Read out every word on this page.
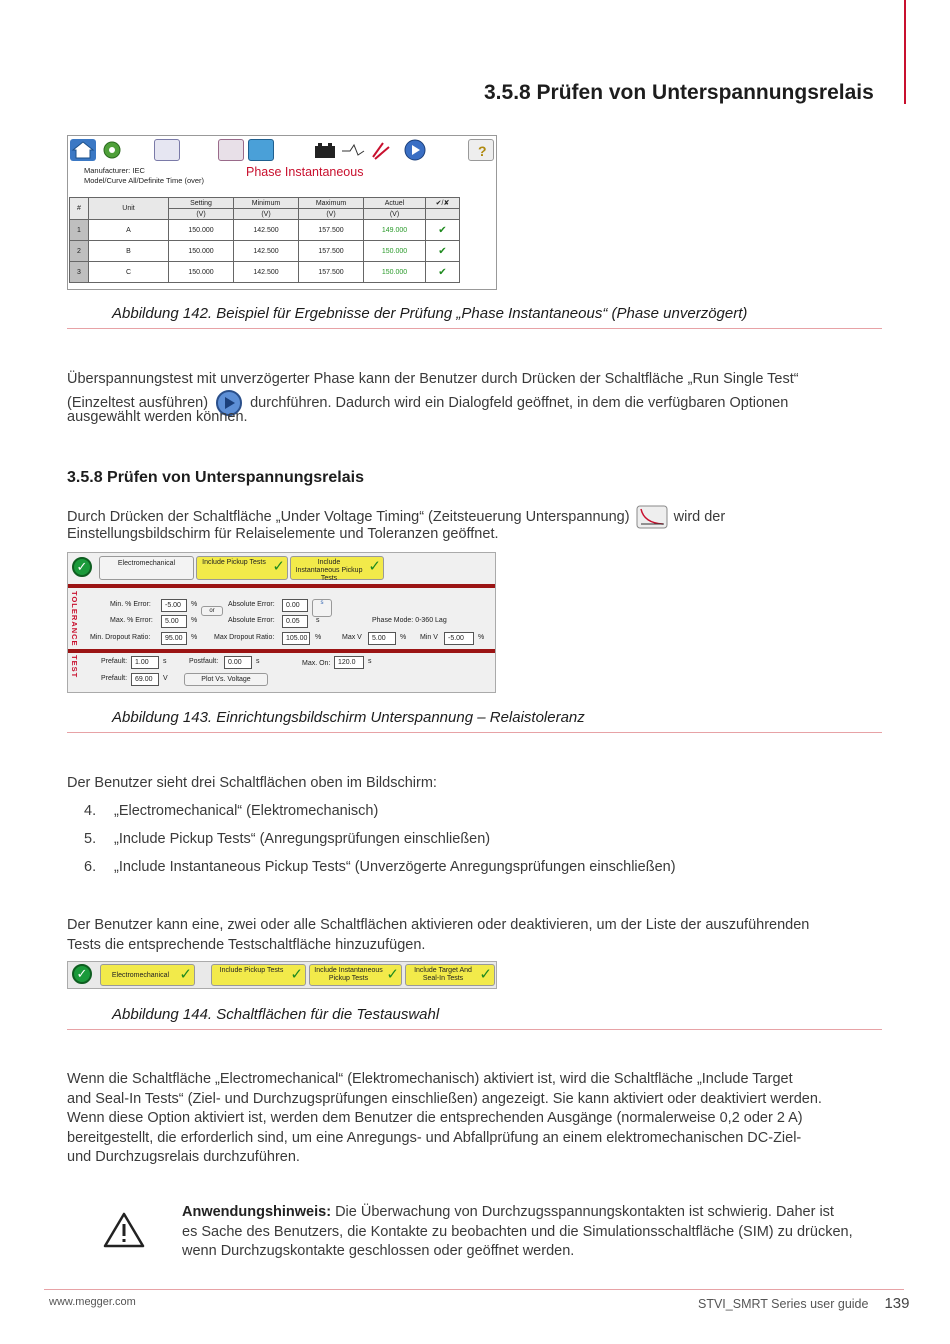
3.5.8 Prüfen von Unterspannungsrelais
?
Manufacturer: IEC
Model/Curve All/Definite Time (over)
Phase Instantaneous
#	Unit	Setting	Minimum	Maximum	Actuel	✔/✘
		(V)	(V)	(V)	(V)	
1	A	150.000	142.500	157.500	149.000	✔
2	B	150.000	142.500	157.500	150.000	✔
3	C	150.000	142.500	157.500	150.000	✔
Abbildung 142. Beispiel für Ergebnisse der Prüfung „Phase Instantaneous“ (Phase unverzögert)
Überspannungstest mit unverzögerter Phase kann der Benutzer durch Drücken der Schaltfläche „Run Single Test“
(Einzeltest ausführen)	durchführen. Dadurch wird ein Dialogfeld geöffnet, in dem die verfügbaren Optionen
ausgewählt werden können.
3.5.8 Prüfen von Unterspannungsrelais
Durch Drücken der Schaltfläche „Under Voltage Timing“ (Zeitsteuerung Unterspannung)	wird der
Einstellungsbildschirm für Relaiselemente und Toleranzen geöffnet.
✓	Electromechanical	Include Pickup Tests ✓	Include Instantaneous Pickup Tests
✓
TOLERANCE	Min. % Error:	-5.00	%
Max. % Error:	5.00	%
or
Absolute Error:	0.00	s
Absolute Error:	0.05	s	Phase Mode: 0-360 Lag
Min. Dropout Ratio:	95.00	% Max Dropout Ratio:	105.00	%	Max V	5.00	% Min V	-5.00	%
TEST	Prefault:	1.00	s	Postfault:	0.00	s	Max. On:	120.0	s
Prefault:	69.00	V	Plot Vs. Voltage
Abbildung 143. Einrichtungsbildschirm Unterspannung – Relaistoleranz
Der Benutzer sieht drei Schaltflächen oben im Bildschirm:
4. „Electromechanical“ (Elektromechanisch)
5. „Include Pickup Tests“ (Anregungsprüfungen einschließen)
6. „Include Instantaneous Pickup Tests“ (Unverzögerte Anregungsprüfungen einschließen)
Der Benutzer kann eine, zwei oder alle Schaltflächen aktivieren oder deaktivieren, um der Liste der auszuführenden
Tests die entsprechende Testschaltfläche hinzuzufügen.
✓	Electromechanical ✓	Include Pickup Tests ✓	Include Instantaneous Pickup Tests ✓	Include Target And Seal-In Tests ✓
Abbildung 144. Schaltflächen für die Testauswahl
Wenn die Schaltfläche „Electromechanical“ (Elektromechanisch) aktiviert ist, wird die Schaltfläche „Include Target
and Seal-In Tests“ (Ziel- und Durchzugsprüfungen einschließen) angezeigt. Sie kann aktiviert oder deaktiviert werden.
Wenn diese Option aktiviert ist, werden dem Benutzer die entsprechenden Ausgänge (normalerweise 0,2 oder 2 A)
bereitgestellt, die erforderlich sind, um eine Anregungs- und Abfallprüfung an einem elektromechanischen DC-Ziel-
und Durchzugsrelais durchzuführen.
Anwendungshinweis: Die Überwachung von Durchzugsspannungskontakten ist schwierig. Daher ist
es Sache des Benutzers, die Kontakte zu beobachten und die Simulationsschaltfläche (SIM) zu drücken,
wenn Durchzugskontakte geschlossen oder geöffnet werden.
www.megger.com	STVI_SMRT Series user guide 139
